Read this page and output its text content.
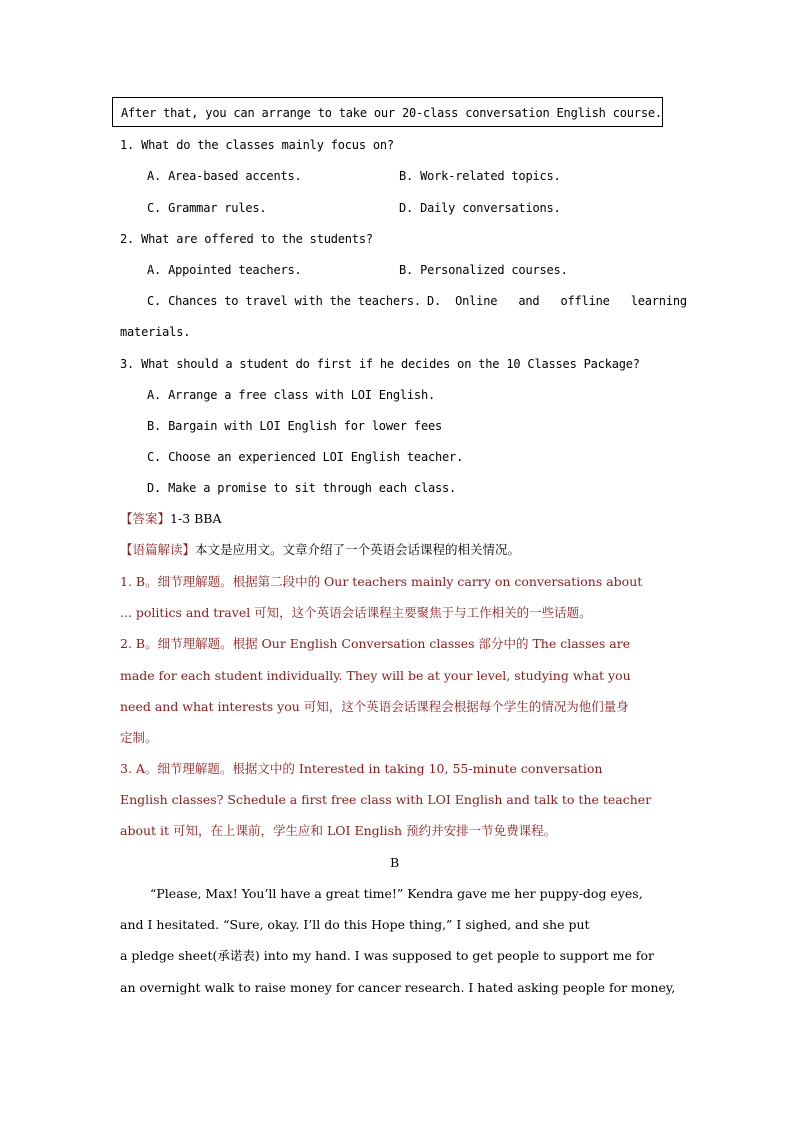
After that, you can arrange to take our 20-class conversation English course.
1. What do the classes mainly focus on?
A. Area-based accents.	B. Work-related topics.
C. Grammar rules.	D. Daily conversations.
2. What are offered to the students?
A. Appointed teachers.	B. Personalized courses.
C. Chances to travel with the teachers. D.  Online   and   offline   learning
materials.
3. What should a student do first if he decides on the 10 Classes Package?
A. Arrange a free class with LOI English.
B. Bargain with LOI English for lower fees
C. Choose an experienced LOI English teacher.
D. Make a promise to sit through each class.
【答案】1-3 BBA
【语篇解读】本文是应用文。文章介绍了一个英语会话课程的相关情况。
1. B。细节理解题。根据第二段中的 Our teachers mainly carry on conversations about
... politics and travel 可知，这个英语会话课程主要聚焦于与工作相关的一些话题。
2. B。细节理解题。根据 Our English Conversation classes 部分中的 The classes are
made for each student individually. They will be at your level, studying what you
need and what interests you 可知，这个英语会话课程会根据每个学生的情况为他们量身
定制。
3. A。细节理解题。根据文中的 Interested in taking 10, 55-minute conversation
English classes? Schedule a first free class with LOI English and talk to the teacher
about it 可知，在上课前，学生应和 LOI English 预约并安排一节免费课程。
B
“Please, Max! You’ll have a great time!” Kendra gave me her puppy-dog eyes,
and I hesitated. “Sure, okay. I’ll do this Hope thing,” I sighed, and she put
a pledge sheet(承诺表) into my hand. I was supposed to get people to support me for
an overnight walk to raise money for cancer research. I hated asking people for money,
